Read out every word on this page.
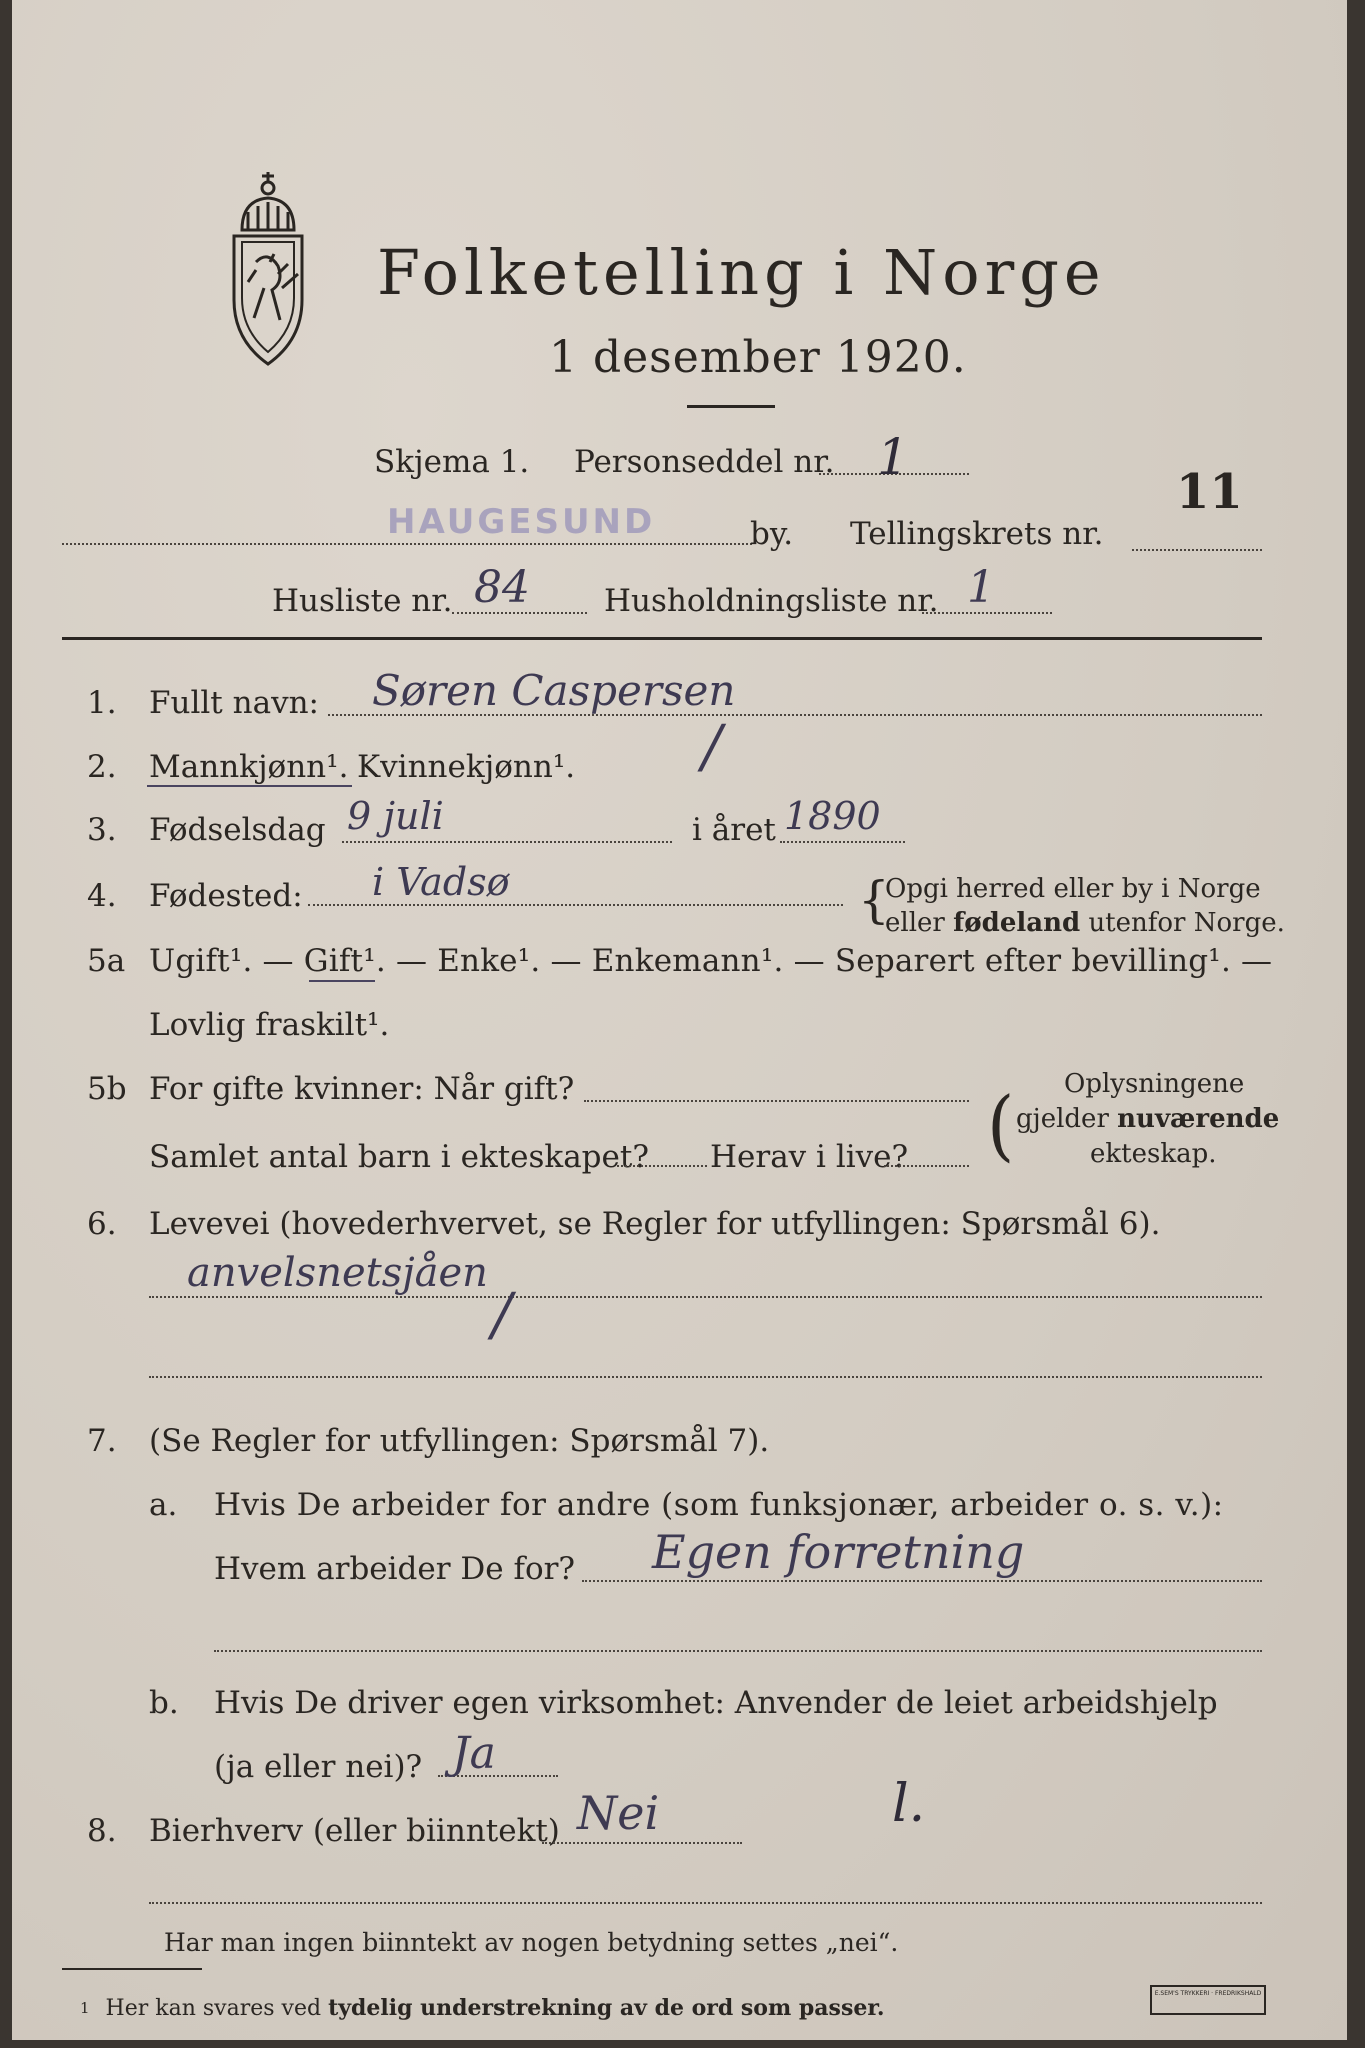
Folketelling i Norge
1 desember 1920.
Skjema 1. Personseddel nr. 1
11
HAUGESUND	by. Tellingskrets nr.
Husliste nr. 84 Husholdningsliste nr. 1
1. Fullt navn: Søren Caspersen
2. Mannkjønn¹. Kvinnekjønn¹. /
3. Fødselsdag 9 juli	i året 1890
4. Fødested: i Vadsø	{
Opgi herred eller by i Norge
eller fødeland utenfor Norge.
5a Ugift¹. — Gift¹. — Enke¹. — Enkemann¹. — Separert efter bevilling¹. —
Lovlig fraskilt¹.
5b For gifte kvinner: Når gift?
Samlet antal barn i ekteskapet? Herav i live? ( Oplysningene
gjelder nuværende
ekteskap.
6. Levevei (hovederhvervet, se Regler for utfyllingen: Spørsmål 6).
anvelsnetsjåen
/
7. (Se Regler for utfyllingen: Spørsmål 7).
a. Hvis De arbeider for andre (som funksjonær, arbeider o. s. v.):
Hvem arbeider De for? Egen forretning
b. Hvis De driver egen virksomhet: Anvender de leiet arbeidshjelp
(ja eller nei)? Ja
8. Bierhverv (eller biinntekt) Nei	l.
Har man ingen biinntekt av nogen betydning settes „nei“.
$^1$ Her kan svares ved tydelig understrekning av de ord som passer.
E.SEM'S TRYKKERI · FREDRIKSHALD
